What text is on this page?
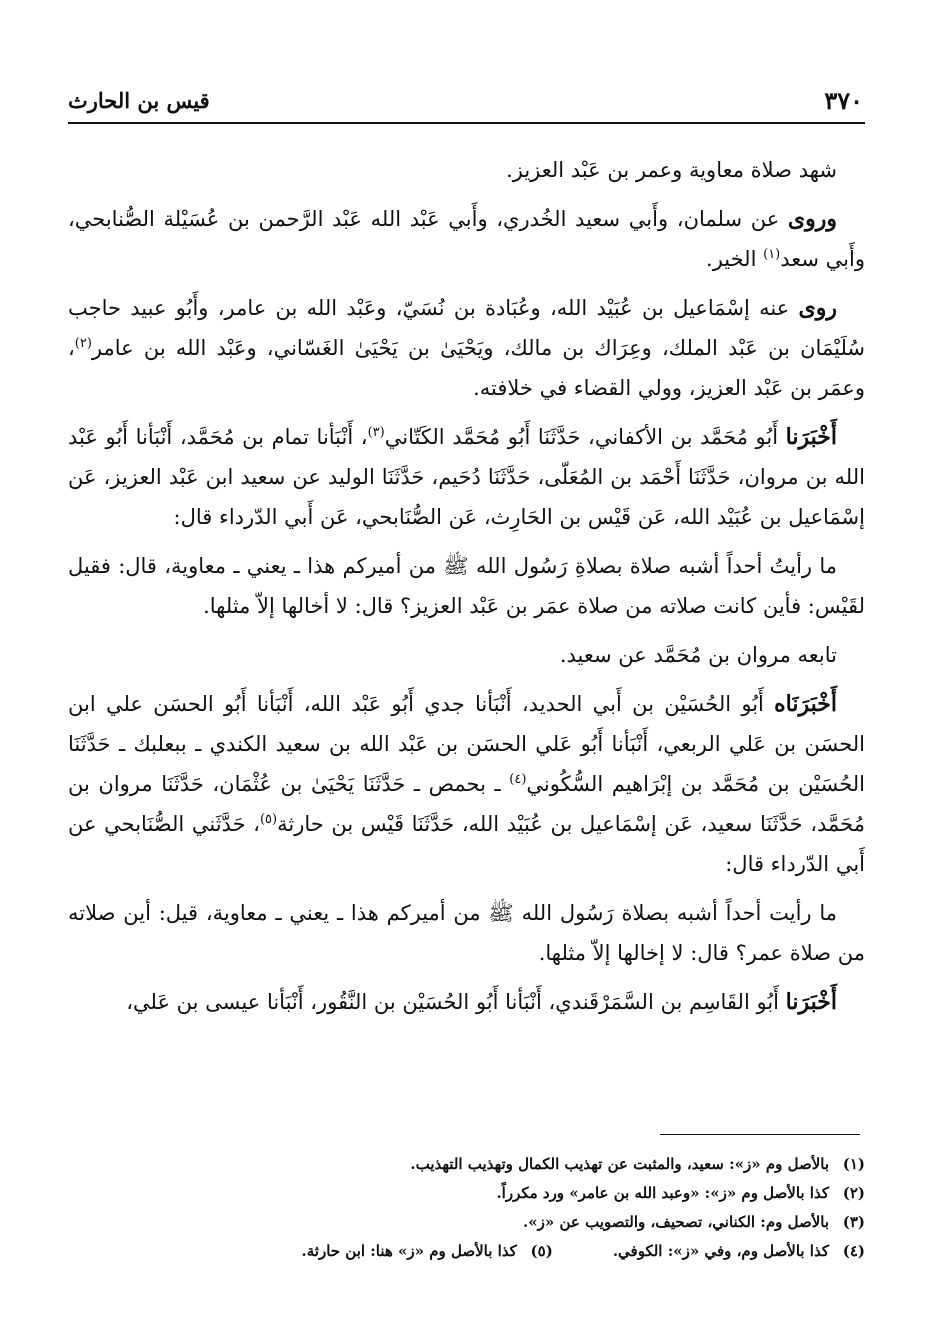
٣٧٠
قيس بن الحارث

شهد صلاة معاوية وعمر بن عَبْد العزيز.

وروى عن سلمان، وأَبي سعيد الخُدري، وأَبي عَبْد الله عَبْد الرَّحمن بن عُسَيْلة الصُّنابحي، وأَبي سعد$^{(١)}$ الخير.

روى عنه إسْمَاعيل بن عُبَيْد الله، وعُبَادة بن نُسَيّ، وعَبْد الله بن عامر، وأَبُو عبيد حاجب سُلَيْمَان بن عَبْد الملك، وعِرَاك بن مالك، ويَحْيَىٰ بن يَحْيَىٰ الغَسّاني، وعَبْد الله بن عامر$^{(٢)}$، وعمَر بن عَبْد العزيز، وولي القضاء في خلافته.

أَخْبَرَنا أَبُو مُحَمَّد بن الأكفاني، حَدَّثَنَا أَبُو مُحَمَّد الكَتّاني$^{(٣)}$، أَنْبَأنا تمام بن مُحَمَّد، أَنْبَأنا أَبُو عَبْد الله بن مروان، حَدَّثَنَا أَحْمَد بن المُعَلّى، حَدَّثَنَا دُحَيم، حَدَّثَنَا الوليد عن سعيد ابن عَبْد العزيز، عَن إسْمَاعيل بن عُبَيْد الله، عَن قَيْس بن الحَارِث، عَن الصُّنَابحي، عَن أَبي الدّرداء قال:

ما رأيتُ أحداً أشبه صلاة بصلاةِ رَسُول الله ﷺ من أميركم هذا ـ يعني ـ معاوية، قال: فقيل لقَيْس: فأين كانت صلاته من صلاة عمَر بن عَبْد العزيز؟ قال: لا أخالها إلاّ مثلها.

تابعه مروان بن مُحَمَّد عن سعيد.

أَخْبَرَنَاه أَبُو الحُسَيْن بن أَبي الحديد، أَنْبَأنا جدي أَبُو عَبْد الله، أَنْبَأنا أَبُو الحسَن علي ابن الحسَن بن عَلي الربعي، أَنْبَأنا أَبُو عَلي الحسَن بن عَبْد الله بن سعيد الكندي ـ ببعلبك ـ حَدَّثَنَا الحُسَيْن بن مُحَمَّد بن إبْرَاهيم السُّكُوني$^{(٤)}$ ـ بحمص ـ حَدَّثَنَا يَحْيَىٰ بن عُثْمَان، حَدَّثَنَا مروان بن مُحَمَّد، حَدَّثَنَا سعيد، عَن إسْمَاعيل بن عُبَيْد الله، حَدَّثَنَا قَيْس بن حارثة$^{(٥)}$، حَدَّثَني الصُّنَابحي عن أَبي الدّرداء قال:

ما رأيت أحداً أشبه بصلاة رَسُول الله ﷺ من أميركم هذا ـ يعني ـ معاوية، قيل: أين صلاته من صلاة عمر؟ قال: لا إخالها إلاّ مثلها.

أَخْبَرَنا أَبُو القَاسِم بن السَّمَرْقَندي، أَنْبَأنا أَبُو الحُسَيْن بن النَّقُور، أَنْبَأنا عيسى بن عَلي،

(١)
بالأصل وم «ز»: سعيد، والمثبت عن تهذيب الكمال وتهذيب التهذيب.
(٢)
كذا بالأصل وم «ز»: «وعبد الله بن عامر» ورد مكرراً.
(٣)
بالأصل وم: الكناني، تصحيف، والتصويب عن «ز».
(٤)
كذا بالأصل وم، وفي «ز»: الكوفي.
(٥)
كذا بالأصل وم «ز» هنا: ابن حارثة.
